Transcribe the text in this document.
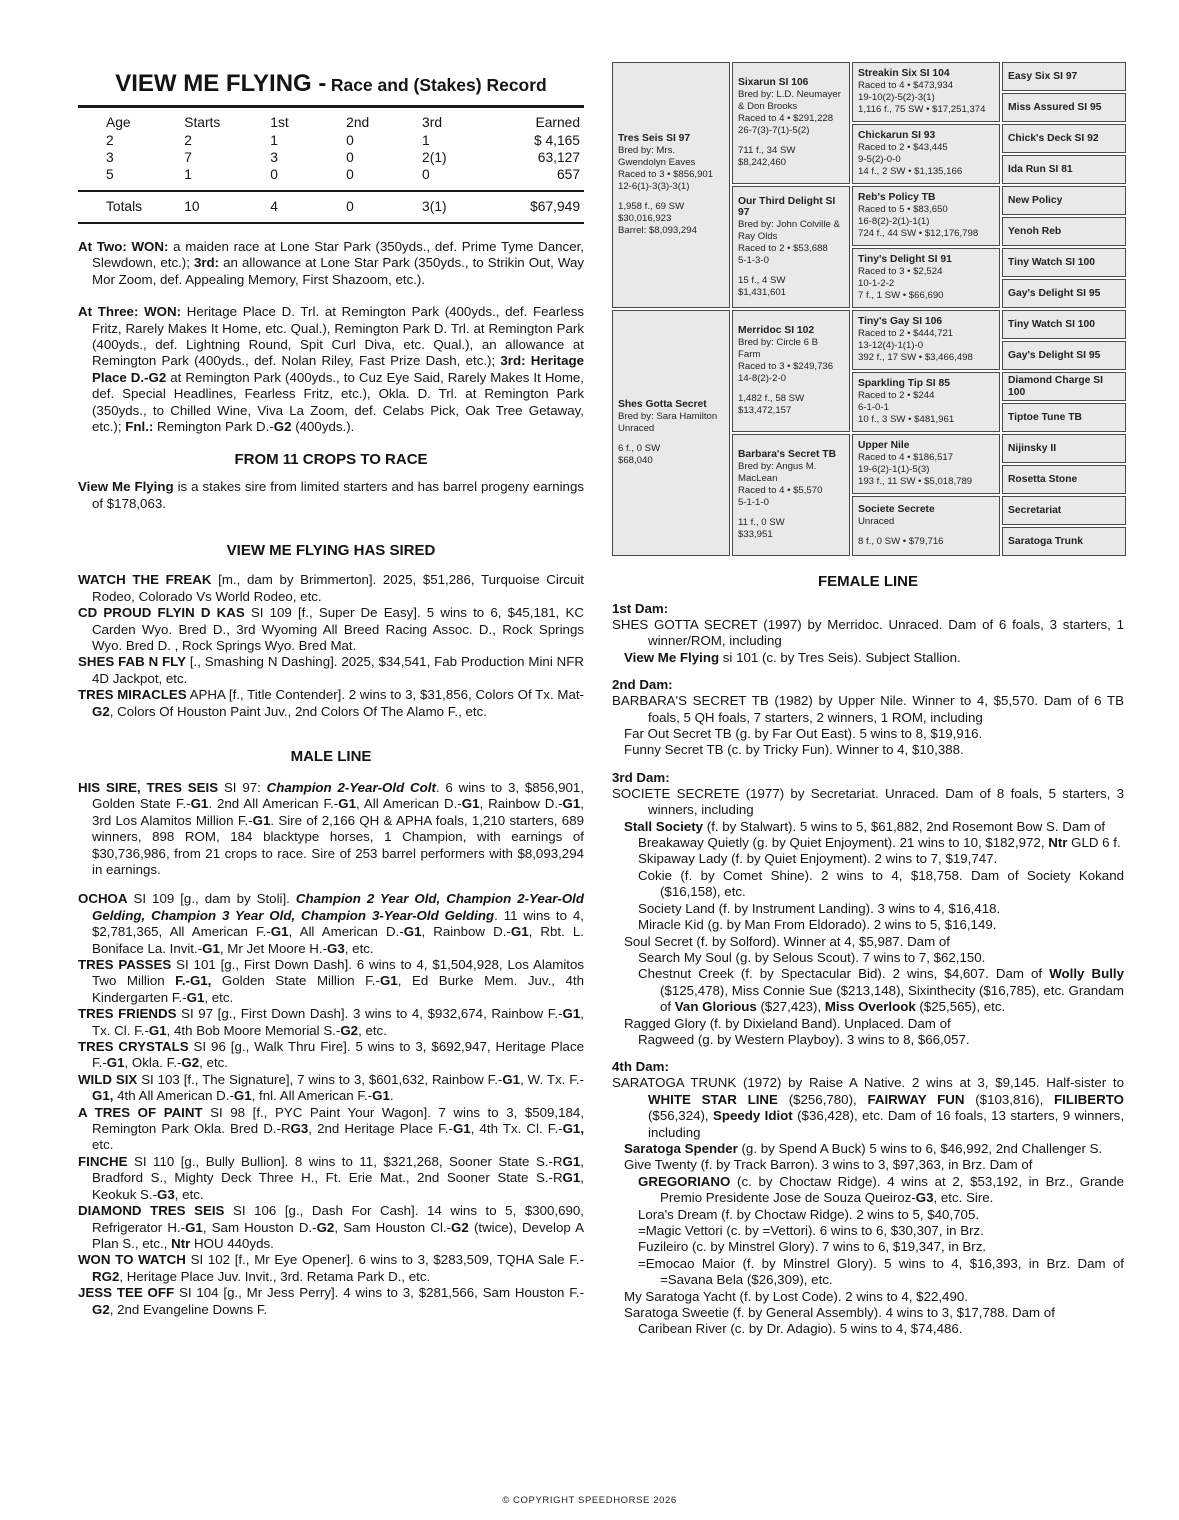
VIEW ME FLYING - Race and (Stakes) Record
Age	Starts	1st	2nd	3rd	Earned
2	2	1	0	1	$ 4,165
3	7	3	0	2(1)	63,127
5	1	0	0	0	657
Totals	10	4	0	3(1)	$67,949
At Two: WON: a maiden race at Lone Star Park (350yds., def. Prime Tyme Dancer, Slewdown, etc.); 3rd: an allowance at Lone Star Park (350yds., to Strikin Out, Way Mor Zoom, def. Appealing Memory, First Shazoom, etc.).
At Three: WON: Heritage Place D. Trl. at Remington Park (400yds., def. Fearless Fritz, Rarely Makes It Home, etc. Qual.), Remington Park D. Trl. at Remington Park (400yds., def. Lightning Round, Spit Curl Diva, etc. Qual.), an allowance at Remington Park (400yds., def. Nolan Riley, Fast Prize Dash, etc.); 3rd: Heritage Place D.-G2 at Remington Park (400yds., to Cuz Eye Said, Rarely Makes It Home, def. Special Headlines, Fearless Fritz, etc.), Okla. D. Trl. at Remington Park (350yds., to Chilled Wine, Viva La Zoom, def. Celabs Pick, Oak Tree Getaway, etc.); Fnl.: Remington Park D.-G2 (400yds.).
FROM 11 CROPS TO RACE
View Me Flying is a stakes sire from limited starters and has barrel progeny earnings of $178,063.
VIEW ME FLYING HAS SIRED
WATCH THE FREAK [m., dam by Brimmerton]. 2025, $51,286, Turquoise Circuit Rodeo, Colorado Vs World Rodeo, etc.
CD PROUD FLYIN D KAS SI 109 [f., Super De Easy]. 5 wins to 6, $45,181, KC Carden Wyo. Bred D., 3rd Wyoming All Breed Racing Assoc. D., Rock Springs Wyo. Bred D. , Rock Springs Wyo. Bred Mat.
SHES FAB N FLY [., Smashing N Dashing]. 2025, $34,541, Fab Production Mini NFR 4D Jackpot, etc.
TRES MIRACLES APHA [f., Title Contender]. 2 wins to 3, $31,856, Colors Of Tx. Mat-G2, Colors Of Houston Paint Juv., 2nd Colors Of The Alamo F., etc.
MALE LINE
HIS SIRE, TRES SEIS SI 97: Champion 2-Year-Old Colt. 6 wins to 3, $856,901, Golden State F.-G1. 2nd All American F.-G1, All American D.-G1, Rainbow D.-G1, 3rd Los Alamitos Million F.-G1. Sire of 2,166 QH & APHA foals, 1,210 starters, 689 winners, 898 ROM, 184 blacktype horses, 1 Champion, with earnings of $30,736,986, from 21 crops to race. Sire of 253 barrel performers with $8,093,294 in earnings.
OCHOA SI 109 [g., dam by Stoli]. Champion 2 Year Old, Champion 2-Year-Old Gelding, Champion 3 Year Old, Champion 3-Year-Old Gelding. 11 wins to 4, $2,781,365, All American F.-G1, All American D.-G1, Rainbow D.-G1, Rbt. L. Boniface La. Invit.-G1, Mr Jet Moore H.-G3, etc.
TRES PASSES SI 101 [g., First Down Dash]. 6 wins to 4, $1,504,928, Los Alamitos Two Million F.-G1, Golden State Million F.-G1, Ed Burke Mem. Juv., 4th Kindergarten F.-G1, etc.
TRES FRIENDS SI 97 [g., First Down Dash]. 3 wins to 4, $932,674, Rainbow F.-G1, Tx. Cl. F.-G1, 4th Bob Moore Memorial S.-G2, etc.
TRES CRYSTALS SI 96 [g., Walk Thru Fire]. 5 wins to 3, $692,947, Heritage Place F.-G1, Okla. F.-G2, etc.
WILD SIX SI 103 [f., The Signature], 7 wins to 3, $601,632, Rainbow F.-G1, W. Tx. F.-G1, 4th All American D.-G1, fnl. All American F.-G1.
A TRES OF PAINT SI 98 [f., PYC Paint Your Wagon]. 7 wins to 3, $509,184, Remington Park Okla. Bred D.-RG3, 2nd Heritage Place F.-G1, 4th Tx. Cl. F.-G1, etc.
FINCHE SI 110 [g., Bully Bullion]. 8 wins to 11, $321,268, Sooner State S.-RG1, Bradford S., Mighty Deck Three H., Ft. Erie Mat., 2nd Sooner State S.-RG1, Keokuk S.-G3, etc.
DIAMOND TRES SEIS SI 106 [g., Dash For Cash]. 14 wins to 5, $300,690, Refrigerator H.-G1, Sam Houston D.-G2, Sam Houston Cl.-G2 (twice), Develop A Plan S., etc., Ntr HOU 440yds.
WON TO WATCH SI 102 [f., Mr Eye Opener]. 6 wins to 3, $283,509, TQHA Sale F.-RG2, Heritage Place Juv. Invit., 3rd. Retama Park D., etc.
JESS TEE OFF SI 104 [g., Mr Jess Perry]. 4 wins to 3, $281,566, Sam Houston F.-G2, 2nd Evangeline Downs F.
Tres Seis SI 97
Bred by: Mrs.
Gwendolyn Eaves
Raced to 3 • $856,901
12-6(1)-3(3)-3(1)

1,958 f., 69 SW
$30,016,923
Barrel: $8,093,294
Shes Gotta Secret
Bred by: Sara Hamilton
Unraced

6 f., 0 SW
$68,040
Sixarun SI 106
Bred by: L.D. Neumayer
& Don Brooks
Raced to 4 • $291,228
26-7(3)-7(1)-5(2)

711 f., 34 SW
$8,242,460
Our Third Delight SI 97
Bred by: John Colville & Ray Olds
Raced to 2 • $53,688
5-1-3-0

15 f., 4 SW
$1,431,601
Merridoc SI 102
Bred by: Circle 6 B
Farm
Raced to 3 • $249,736
14-8(2)-2-0

1,482 f., 58 SW
$13,472,157
Barbara's Secret TB
Bred by: Angus M.
MacLean
Raced to 4 • $5,570
5-1-1-0

11 f., 0 SW
$33,951
Streakin Six SI 104
Raced to 4 • $473,934
19-10(2)-5(2)-3(1)
1,116 f., 75 SW • $17,251,374
Chickarun SI 93
Raced to 2 • $43,445
9-5(2)-0-0
14 f., 2 SW • $1,135,166
Reb's Policy TB
Raced to 5 • $83,650
16-8(2)-2(1)-1(1)
724 f., 44 SW • $12,176,798
Tiny's Delight SI 91
Raced to 3 • $2,524
10-1-2-2
7 f., 1 SW • $66,690
Tiny's Gay SI 106
Raced to 2 • $444,721
13-12(4)-1(1)-0
392 f., 17 SW • $3,466,498
Sparkling Tip SI 85
Raced to 2 • $244
6-1-0-1
10 f., 3 SW • $481,961
Upper Nile
Raced to 4 • $186,517
19-6(2)-1(1)-5(3)
193 f., 11 SW • $5,018,789
Societe Secrete
Unraced

8 f., 0 SW • $79,716
Easy Six SI 97
Miss Assured SI 95
Chick's Deck SI 92
Ida Run SI 81
New Policy
Yenoh Reb
Tiny Watch SI 100
Gay's Delight SI 95
Tiny Watch SI 100
Gay's Delight SI 95
Diamond Charge SI 100
Tiptoe Tune TB
Nijinsky II
Rosetta Stone
Secretariat
Saratoga Trunk
FEMALE LINE
1st Dam:
SHES GOTTA SECRET (1997) by Merridoc. Unraced. Dam of 6 foals, 3 starters, 1 winner/ROM, including
View Me Flying si 101 (c. by Tres Seis). Subject Stallion.
2nd Dam:
BARBARA'S SECRET TB (1982) by Upper Nile. Winner to 4, $5,570. Dam of 6 TB foals, 5 QH foals, 7 starters, 2 winners, 1 ROM, including
Far Out Secret TB (g. by Far Out East). 5 wins to 8, $19,916.
Funny Secret TB (c. by Tricky Fun). Winner to 4, $10,388.
3rd Dam:
SOCIETE SECRETE (1977) by Secretariat. Unraced. Dam of 8 foals, 5 starters, 3 winners, including
Stall Society (f. by Stalwart). 5 wins to 5, $61,882, 2nd Rosemont Bow S. Dam of
Breakaway Quietly (g. by Quiet Enjoyment). 21 wins to 10, $182,972, Ntr GLD 6 f.
Skipaway Lady (f. by Quiet Enjoyment). 2 wins to 7, $19,747.
Cokie (f. by Comet Shine). 2 wins to 4, $18,758. Dam of Society Kokand ($16,158), etc.
Society Land (f. by Instrument Landing). 3 wins to 4, $16,418.
Miracle Kid (g. by Man From Eldorado). 2 wins to 5, $16,149.
Soul Secret (f. by Solford). Winner at 4, $5,987. Dam of
Search My Soul (g. by Selous Scout). 7 wins to 7, $62,150.
Chestnut Creek (f. by Spectacular Bid). 2 wins, $4,607. Dam of Wolly Bully ($125,478), Miss Connie Sue ($213,148), Sixinthecity ($16,785), etc. Grandam of Van Glorious ($27,423), Miss Overlook ($25,565), etc.
Ragged Glory (f. by Dixieland Band). Unplaced. Dam of
Ragweed (g. by Western Playboy). 3 wins to 8, $66,057.
4th Dam:
SARATOGA TRUNK (1972) by Raise A Native. 2 wins at 3, $9,145. Half-sister to WHITE STAR LINE ($256,780), FAIRWAY FUN ($103,816), FILIBERTO ($56,324), Speedy Idiot ($36,428), etc. Dam of 16 foals, 13 starters, 9 winners, including
Saratoga Spender (g. by Spend A Buck) 5 wins to 6, $46,992, 2nd Challenger S.
Give Twenty (f. by Track Barron). 3 wins to 3, $97,363, in Brz. Dam of
GREGORIANO (c. by Choctaw Ridge). 4 wins at 2, $53,192, in Brz., Grande Premio Presidente Jose de Souza Queiroz-G3, etc. Sire.
Lora's Dream (f. by Choctaw Ridge). 2 wins to 5, $40,705.
=Magic Vettori (c. by =Vettori). 6 wins to 6, $30,307, in Brz.
Fuzileiro (c. by Minstrel Glory). 7 wins to 6, $19,347, in Brz.
=Emocao Maior (f. by Minstrel Glory). 5 wins to 4, $16,393, in Brz. Dam of =Savana Bela ($26,309), etc.
My Saratoga Yacht (f. by Lost Code). 2 wins to 4, $22,490.
Saratoga Sweetie (f. by General Assembly). 4 wins to 3, $17,788. Dam of
Caribean River (c. by Dr. Adagio). 5 wins to 4, $74,486.
© COPYRIGHT SPEEDHORSE 2026
